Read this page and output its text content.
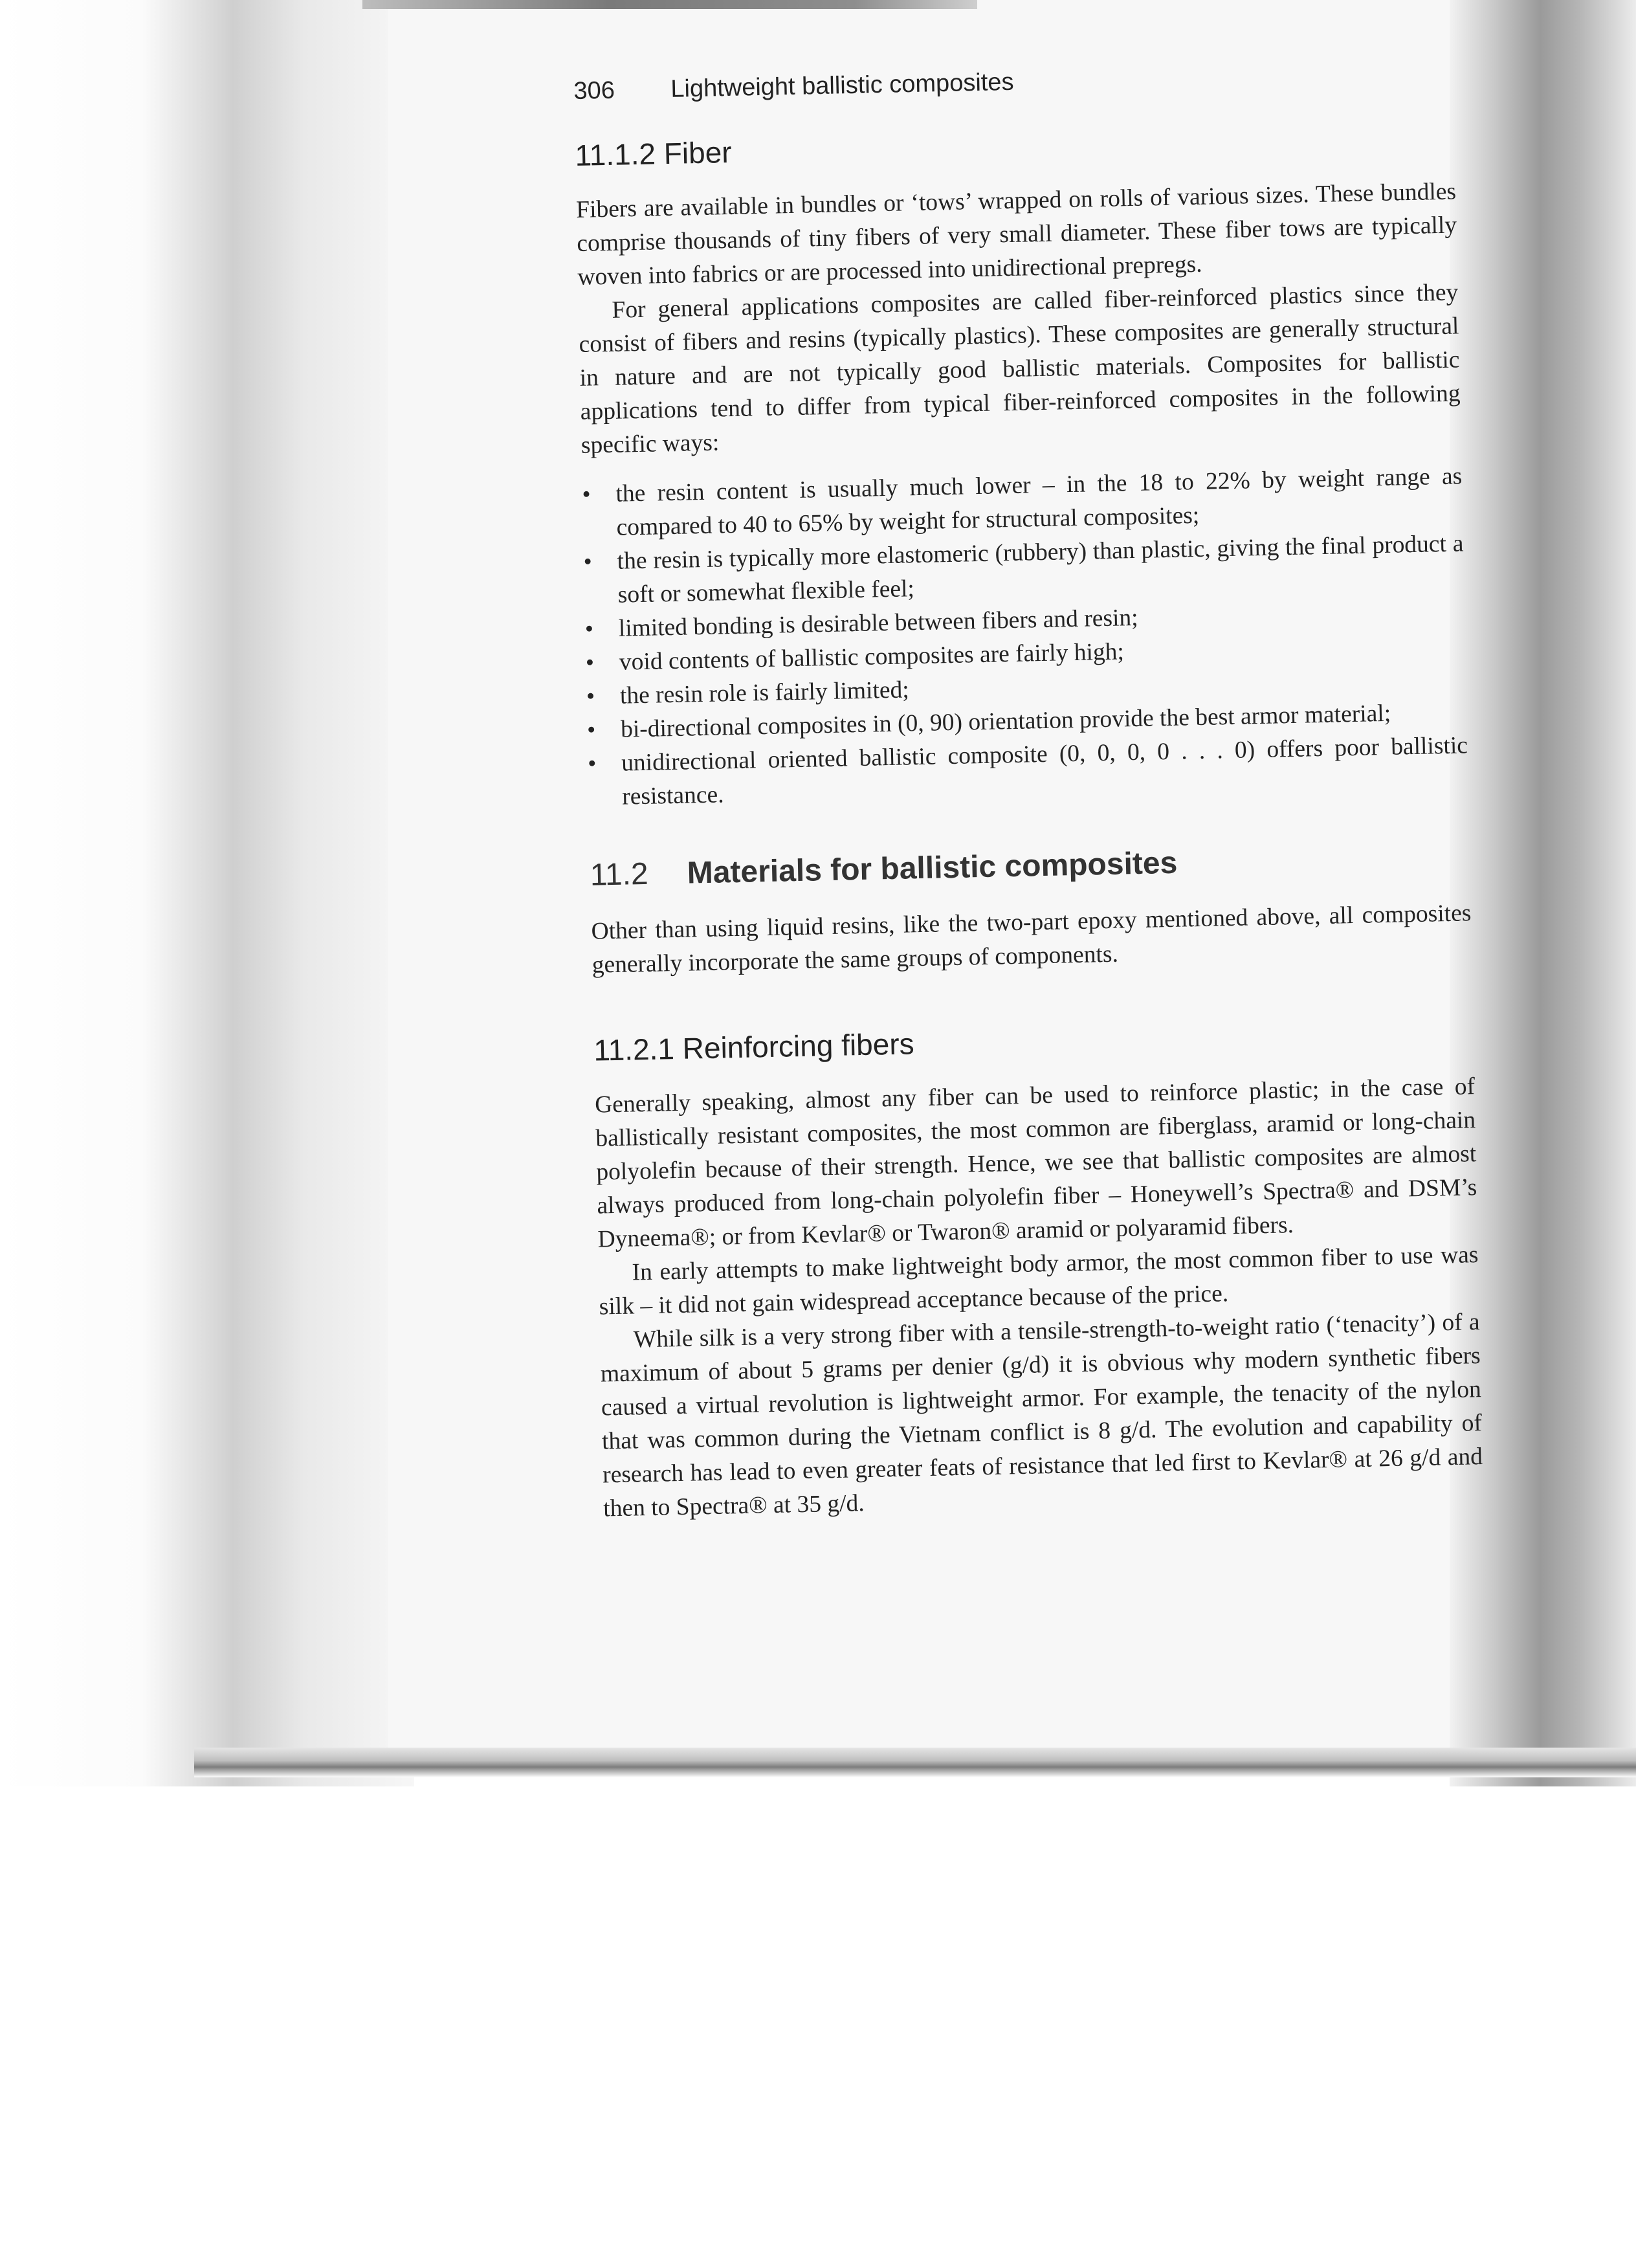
306 Lightweight ballistic composites
11.1.2 Fiber

Fibers are available in bundles or ‘tows’ wrapped on rolls of various sizes. These bundles comprise thousands of tiny fibers of very small diameter. These fiber tows are typically woven into fabrics or are processed into unidirectional prepregs.

For general applications composites are called fiber-reinforced plastics since they consist of fibers and resins (typically plastics). These composites are generally structural in nature and are not typically good ballistic materials. Composites for ballistic applications tend to differ from typical fiber-reinforced composites in the following specific ways:

• the resin content is usually much lower – in the 18 to 22% by weight range as compared to 40 to 65% by weight for structural composites;
• the resin is typically more elastomeric (rubbery) than plastic, giving the final product a soft or somewhat flexible feel;
• limited bonding is desirable between fibers and resin;
• void contents of ballistic composites are fairly high;
• the resin role is fairly limited;
• bi-directional composites in (0, 90) orientation provide the best armor material;
• unidirectional oriented ballistic composite (0, 0, 0, 0 . . . 0) offers poor ballistic resistance.
11.2 Materials for ballistic composites

Other than using liquid resins, like the two-part epoxy mentioned above, all composites generally incorporate the same groups of components.

11.2.1 Reinforcing fibers

Generally speaking, almost any fiber can be used to reinforce plastic; in the case of ballistically resistant composites, the most common are fiberglass, aramid or long-chain polyolefin because of their strength. Hence, we see that ballistic composites are almost always produced from long-chain polyolefin fiber – Honeywell’s Spectra® and DSM’s Dyneema®; or from Kevlar® or Twaron® aramid or polyaramid fibers.

In early attempts to make lightweight body armor, the most common fiber to use was silk – it did not gain widespread acceptance because of the price.

While silk is a very strong fiber with a tensile-strength-to-weight ratio (‘tenacity’) of a maximum of about 5 grams per denier (g/d) it is obvious why modern synthetic fibers caused a virtual revolution is lightweight armor. For example, the tenacity of the nylon that was common during the Vietnam conflict is 8 g/d. The evolution and capability of research has lead to even greater feats of resistance that led first to Kevlar® at 26 g/d and then to Spectra® at 35 g/d.
